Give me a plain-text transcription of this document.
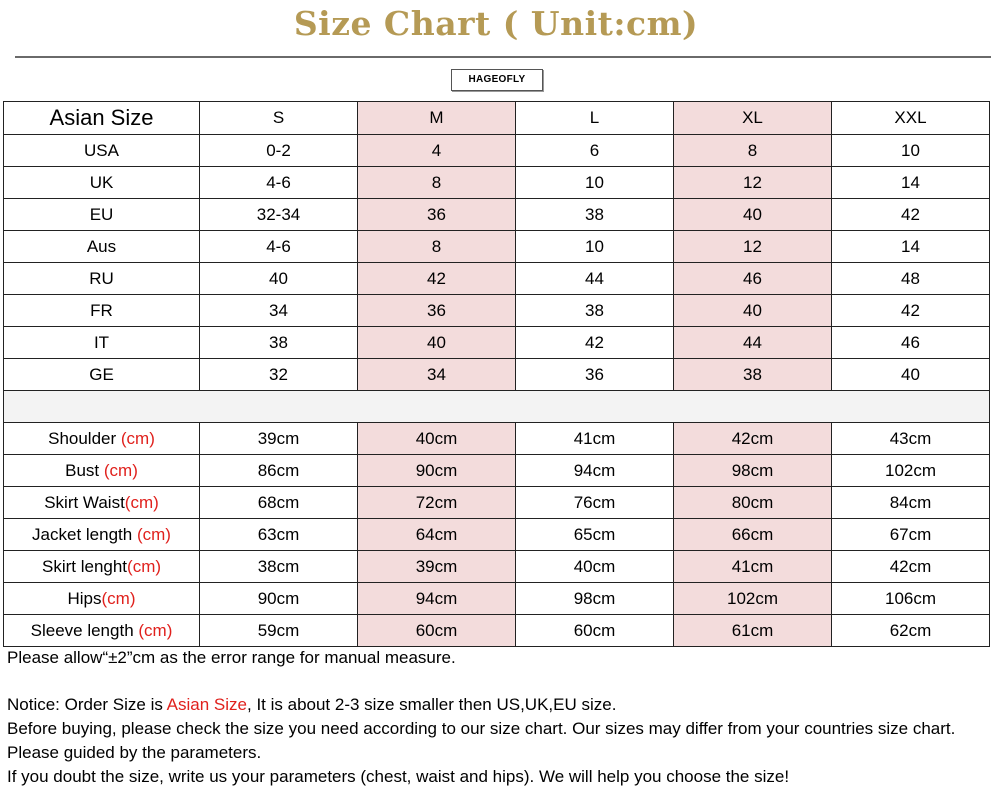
Size Chart ( Unit:cm)
HAGEOFLY
Asian Size	S	M	L	XL	XXL
USA	0-2	4	6	8	10
UK	4-6	8	10	12	14
EU	32-34	36	38	40	42
Aus	4-6	8	10	12	14
RU	40	42	44	46	48
FR	34	36	38	40	42
IT	38	40	42	44	46
GE	32	34	36	38	40

Shoulder (cm)	39cm	40cm	41cm	42cm	43cm
Bust (cm)	86cm	90cm	94cm	98cm	102cm
Skirt Waist(cm)	68cm	72cm	76cm	80cm	84cm
Jacket length (cm)	63cm	64cm	65cm	66cm	67cm
Skirt lenght(cm)	38cm	39cm	40cm	41cm	42cm
Hips(cm)	90cm	94cm	98cm	102cm	106cm
Sleeve length (cm)	59cm	60cm	60cm	61cm	62cm
Please allow“±2”cm as the error range for manual measure.
Notice: Order Size is Asian Size, It is about 2-3 size smaller then US,UK,EU size.
Before buying, please check the size you need according to our size chart. Our sizes may differ from your countries size chart. Please guided by the parameters.
If you doubt the size, write us your parameters (chest, waist and hips). We will help you choose the size!
